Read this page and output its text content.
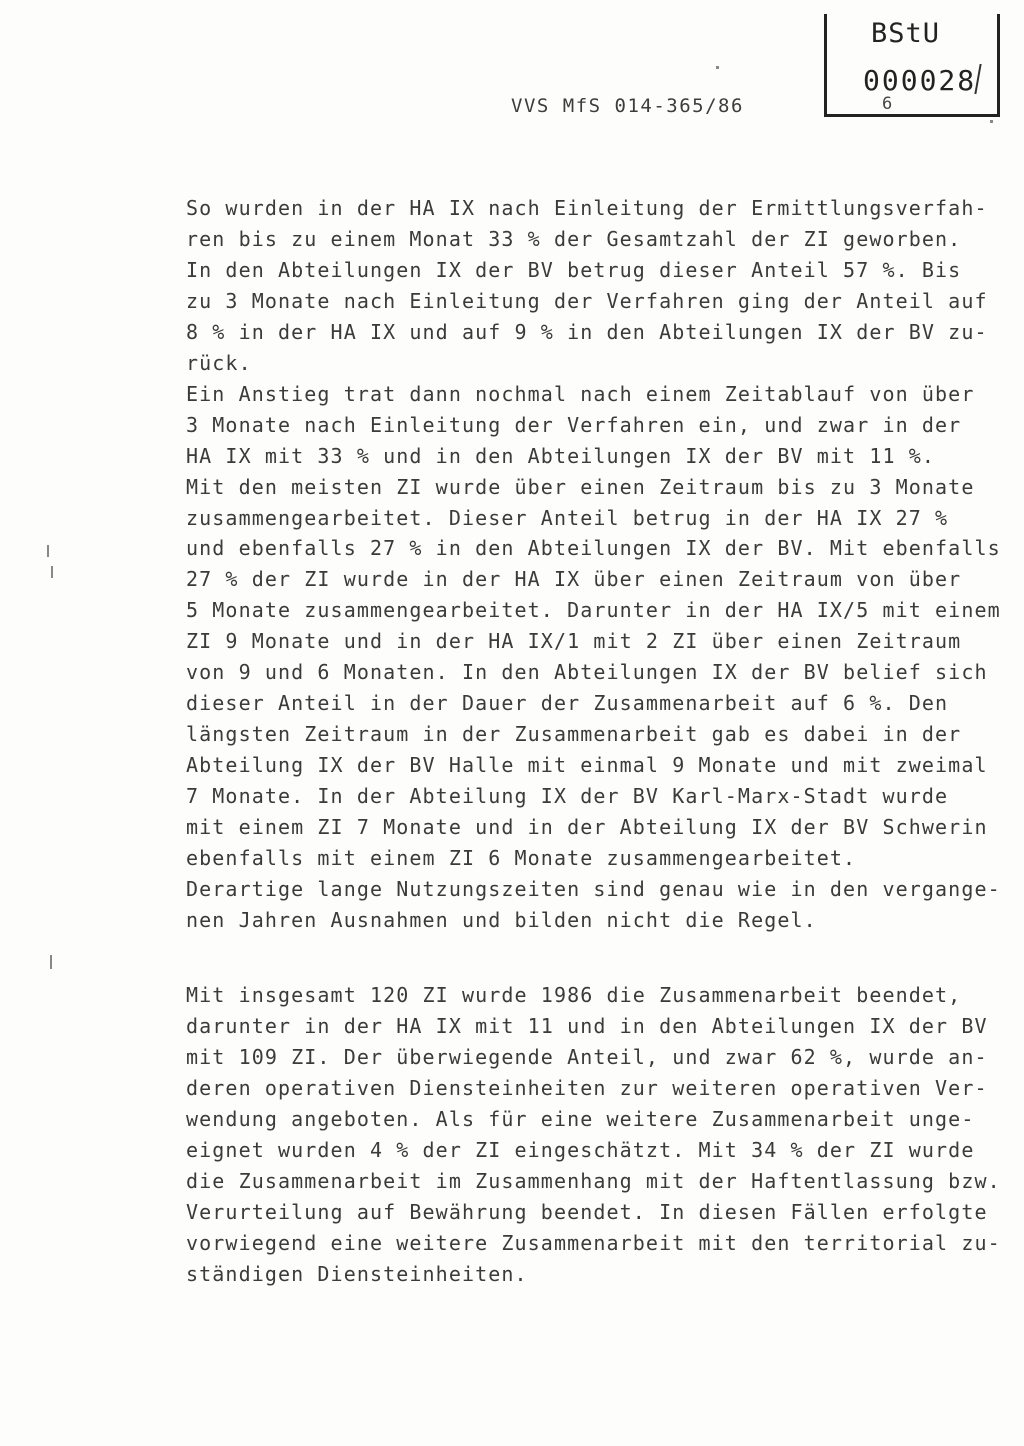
BStU
000028
6
VVS MfS 014-365/86
So wurden in der HA IX nach Einleitung der Ermittlungsverfah-
ren bis zu einem Monat 33 % der Gesamtzahl der ZI geworben.
In den Abteilungen IX der BV betrug dieser Anteil 57 %. Bis
zu 3 Monate nach Einleitung der Verfahren ging der Anteil auf
8 % in der HA IX und auf 9 % in den Abteilungen IX der BV zu-
rück.
Ein Anstieg trat dann nochmal nach einem Zeitablauf von über
3 Monate nach Einleitung der Verfahren ein, und zwar in der
HA IX mit 33 % und in den Abteilungen IX der BV mit 11 %.
Mit den meisten ZI wurde über einen Zeitraum bis zu 3 Monate
zusammengearbeitet. Dieser Anteil betrug in der HA IX 27 %
und ebenfalls 27 % in den Abteilungen IX der BV. Mit ebenfalls
27 % der ZI wurde in der HA IX über einen Zeitraum von über
5 Monate zusammengearbeitet. Darunter in der HA IX/5 mit einem
ZI 9 Monate und in der HA IX/1 mit 2 ZI über einen Zeitraum
von 9 und 6 Monaten. In den Abteilungen IX der BV belief sich
dieser Anteil in der Dauer der Zusammenarbeit auf 6 %. Den
längsten Zeitraum in der Zusammenarbeit gab es dabei in der
Abteilung IX der BV Halle mit einmal 9 Monate und mit zweimal
7 Monate. In der Abteilung IX der BV Karl-Marx-Stadt wurde
mit einem ZI 7 Monate und in der Abteilung IX der BV Schwerin
ebenfalls mit einem ZI 6 Monate zusammengearbeitet.
Derartige lange Nutzungszeiten sind genau wie in den vergange-
nen Jahren Ausnahmen und bilden nicht die Regel.
Mit insgesamt 120 ZI wurde 1986 die Zusammenarbeit beendet,
darunter in der HA IX mit 11 und in den Abteilungen IX der BV
mit 109 ZI. Der überwiegende Anteil, und zwar 62 %, wurde an-
deren operativen Diensteinheiten zur weiteren operativen Ver-
wendung angeboten. Als für eine weitere Zusammenarbeit unge-
eignet wurden 4 % der ZI eingeschätzt. Mit 34 % der ZI wurde
die Zusammenarbeit im Zusammenhang mit der Haftentlassung bzw.
Verurteilung auf Bewährung beendet. In diesen Fällen erfolgte
vorwiegend eine weitere Zusammenarbeit mit den territorial zu-
ständigen Diensteinheiten.
